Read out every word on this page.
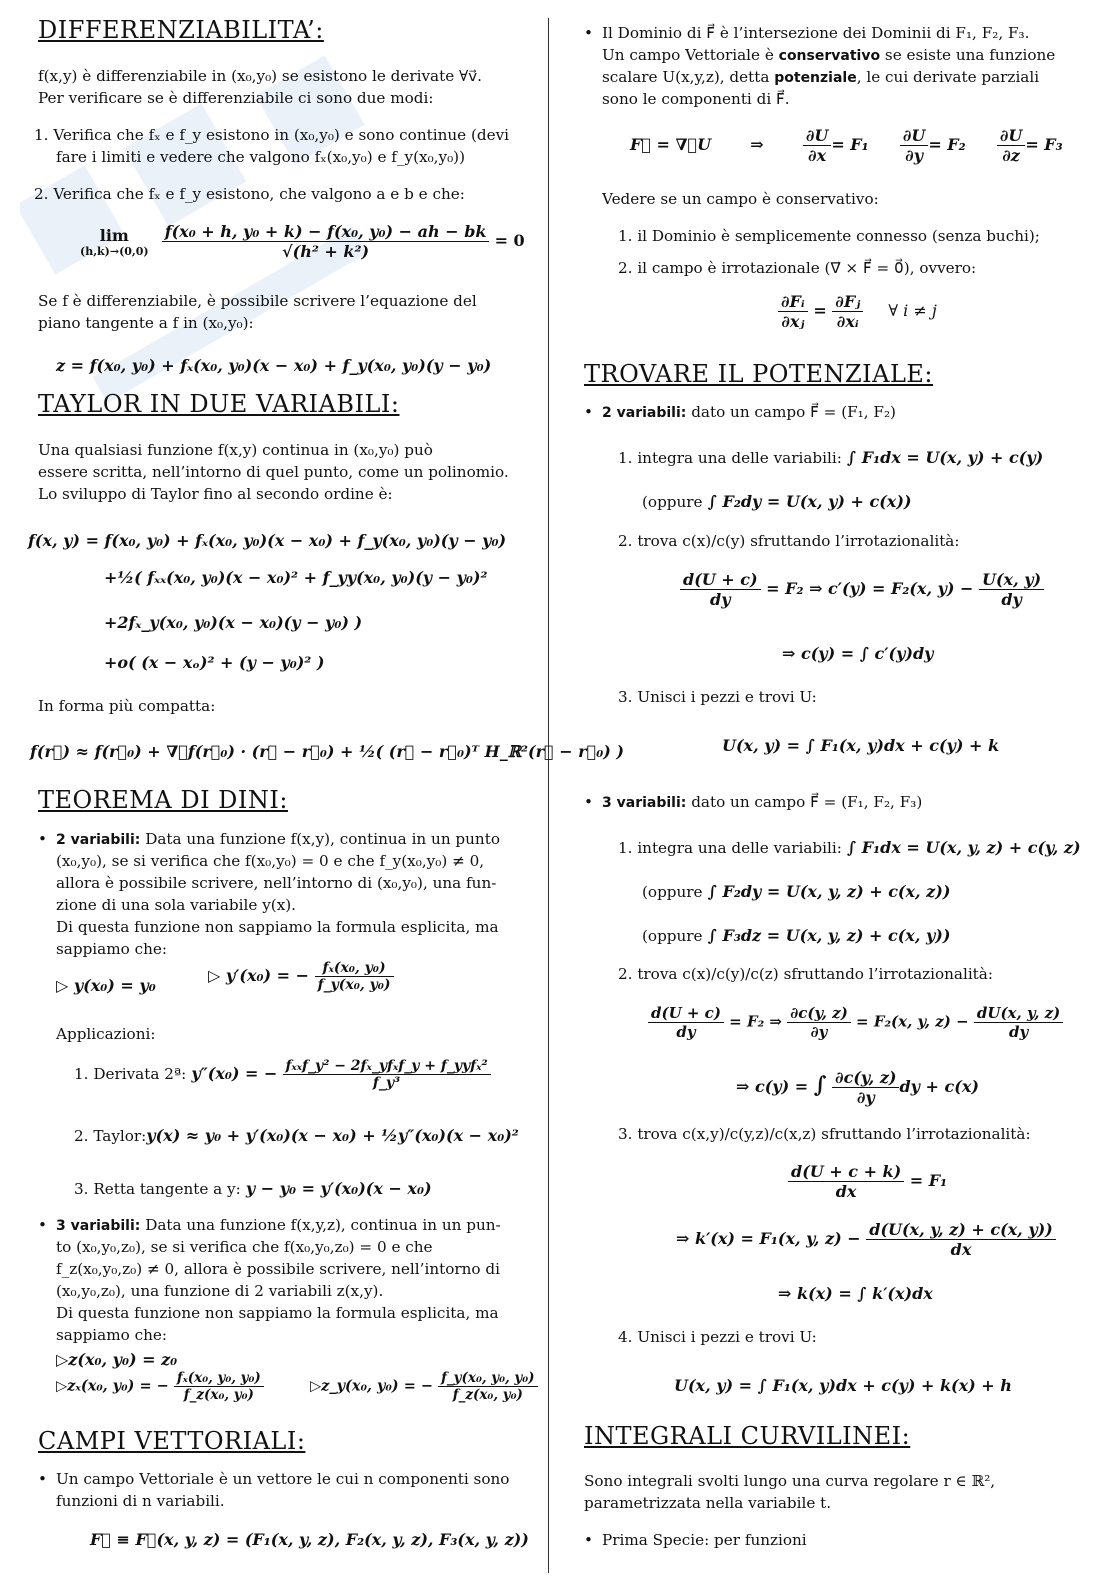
DIFFERENZIABILITA’:
f(x,y) è differenziabile in (x₀,y₀) se esistono le derivate ∀v⃗.
Per verificare se è differenziabile ci sono due modi:
1. Verifica che fₓ e f_y esistono in (x₀,y₀) e sono continue (devi
fare i limiti e vedere che valgono fₓ(x₀,y₀) e f_y(x₀,y₀))
2. Verifica che fₓ e f_y esistono, che valgono a e b e che:
lim
(h,k)→(0,0)
$\frac{\text{f(x₀ + h, y₀ + k) − f(x₀, y₀) − ah − bk}}{\text{√(h² + k²)}} = 0$
Se f è differenziabile, è possibile scrivere l’equazione del
piano tangente a f in (x₀,y₀):
z = f(x₀, y₀) + fₓ(x₀, y₀)(x − x₀) + f_y(x₀, y₀)(y − y₀)
TAYLOR IN DUE VARIABILI:
Una qualsiasi funzione f(x,y) continua in (x₀,y₀) può
essere scritta, nell’intorno di quel punto, come un polinomio.
Lo sviluppo di Taylor fino al secondo ordine è:
f(x, y) = f(x₀, y₀) + fₓ(x₀, y₀)(x − x₀) + f_y(x₀, y₀)(y − y₀)
+½( fₓₓ(x₀, y₀)(x − x₀)² + f_yy(x₀, y₀)(y − y₀)²
+2fₓ_y(x₀, y₀)(x − x₀)(y − y₀) )
+o( (x − xₒ)² + (y − y₀)² )
In forma più compatta:
f(r⃗) ≈ f(r⃗₀) + ∇⃗f(r⃗₀) · (r⃗ − r⃗₀) + ½( (r⃗ − r⃗₀)ᵀ H_ℝ²(r⃗ − r⃗₀) )
TEOREMA DI DINI:
• 2 variabili: Data una funzione f(x,y), continua in un punto
(x₀,y₀), se si verifica che f(x₀,y₀) = 0 e che f_y(x₀,y₀) ≠ 0,
allora è possibile scrivere, nell’intorno di (x₀,y₀), una fun-
zione di una sola variabile y(x).
Di questa funzione non sappiamo la formula esplicita, ma
sappiamo che:
▷ y(x₀) = y₀
▷ y′(x₀) = − $\frac{\text{fₓ(x₀, y₀)}}{\text{f\_y(x₀, y₀)}}$
Applicazioni:
1. Derivata 2ª: y″(x₀) = − $\frac{\text{fₓₓf\_y² − 2fₓ\_yfₓf\_y + f\_yyfₓ²}}{\text{f\_y³}}$
2. Taylor:y(x) ≈ y₀ + y′(x₀)(x − x₀) + ½y″(x₀)(x − x₀)²
3. Retta tangente a y: y − y₀ = y′(x₀)(x − x₀)
• 3 variabili: Data una funzione f(x,y,z), continua in un pun-
to (x₀,y₀,z₀), se si verifica che f(x₀,y₀,z₀) = 0 e che
f_z(x₀,y₀,z₀) ≠ 0, allora è possibile scrivere, nell’intorno di
(x₀,y₀,z₀), una funzione di 2 variabili z(x,y).
Di questa funzione non sappiamo la formula esplicita, ma
sappiamo che:
▷z(x₀, y₀) = z₀
▷zₓ(x₀, y₀) = − $\frac{\text{fₓ(x₀, y₀, y₀)}}{\text{f\_z(x₀, y₀)}}$	▷z_y(x₀, y₀) = − $\frac{\text{f\_y(x₀, y₀, y₀)}}{\text{f\_z(x₀, y₀)}}$
CAMPI VETTORIALI:
• Un campo Vettoriale è un vettore le cui n componenti sono
funzioni di n variabili.
F⃗ ≡ F⃗(x, y, z) = (F₁(x, y, z), F₂(x, y, z), F₃(x, y, z))
• Il Dominio di F⃗ è l’intersezione dei Dominii di F₁, F₂, F₃.
Un campo Vettoriale è conservativo se esiste una funzione
scalare U(x,y,z), detta potenziale, le cui derivate parziali
sono le componenti di F⃗.
F⃗ = ∇⃗U ⇒ $\frac{\partial U}{\partial x} = F_1 \frac{\partial U}{\partial y} = F_2 \frac{\partial U}{\partial z} = F_3$
Vedere se un campo è conservativo:
1. il Dominio è semplicemente connesso (senza buchi);
2. il campo è irrotazionale (∇⃗ × F⃗ = 0⃗), ovvero:
$\frac{\text{∂Fᵢ}}{\text{∂xⱼ}} = \frac{\text{∂Fⱼ}}{\text{∂xᵢ}}$ ∀ i ≠ j
TROVARE IL POTENZIALE:
• 2 variabili: dato un campo F⃗ = (F₁, F₂)
1. integra una delle variabili: ∫ F₁dx = U(x, y) + c(y)
(oppure ∫ F₂dy = U(x, y) + c(x))
2. trova c(x)/c(y) sfruttando l’irrotazionalità:
$\frac{d(U + c)}{dy} = F_2$ ⇒ c′(y) = F₂(x, $y) - \frac{U(x, y)}{dy}$
⇒ c(y) = ∫ c′(y)dy
3. Unisci i pezzi e trovi U:
U(x, y) = ∫ F₁(x, y)dx + c(y) + k
• 3 variabili: dato un campo F⃗ = (F₁, F₂, F₃)
1. integra una delle variabili: ∫ F₁dx = U(x, y, z) + c(y, z)
(oppure ∫ F₂dy = U(x, y, z) + c(x, z))
(oppure ∫ F₃dz = U(x, y, z) + c(x, y))
2. trova c(x)/c(y)/c(z) sfruttando l’irrotazionalità:
$\frac{d(U + c)}{dy} = F_2$ ⇒ $\frac{\partial c(y, z)}{\partial y} = F_2(x$, y, $z) - \frac{dU(x, y, z)}{dy}$
⇒ c(y) = ∫ $\frac{\partial c(y, z)}{\partial y}$ dy + c(x)
3. trova c(x,y)/c(y,z)/c(x,z) sfruttando l’irrotazionalità:
$\frac{d(U + c + k)}{dx} = F_1$
⇒ k′(x) = F₁(x, y, $z) - \frac{d(U(x, y, z) + c(x, y))}{dx}$
⇒ k(x) = ∫ k′(x)dx
4. Unisci i pezzi e trovi U:
U(x, y) = ∫ F₁(x, y)dx + c(y) + k(x) + h
INTEGRALI CURVILINEI:
Sono integrali svolti lungo una curva regolare r ∈ ℝ²,
parametrizzata nella variabile t.
• Prima Specie: per funzioni
